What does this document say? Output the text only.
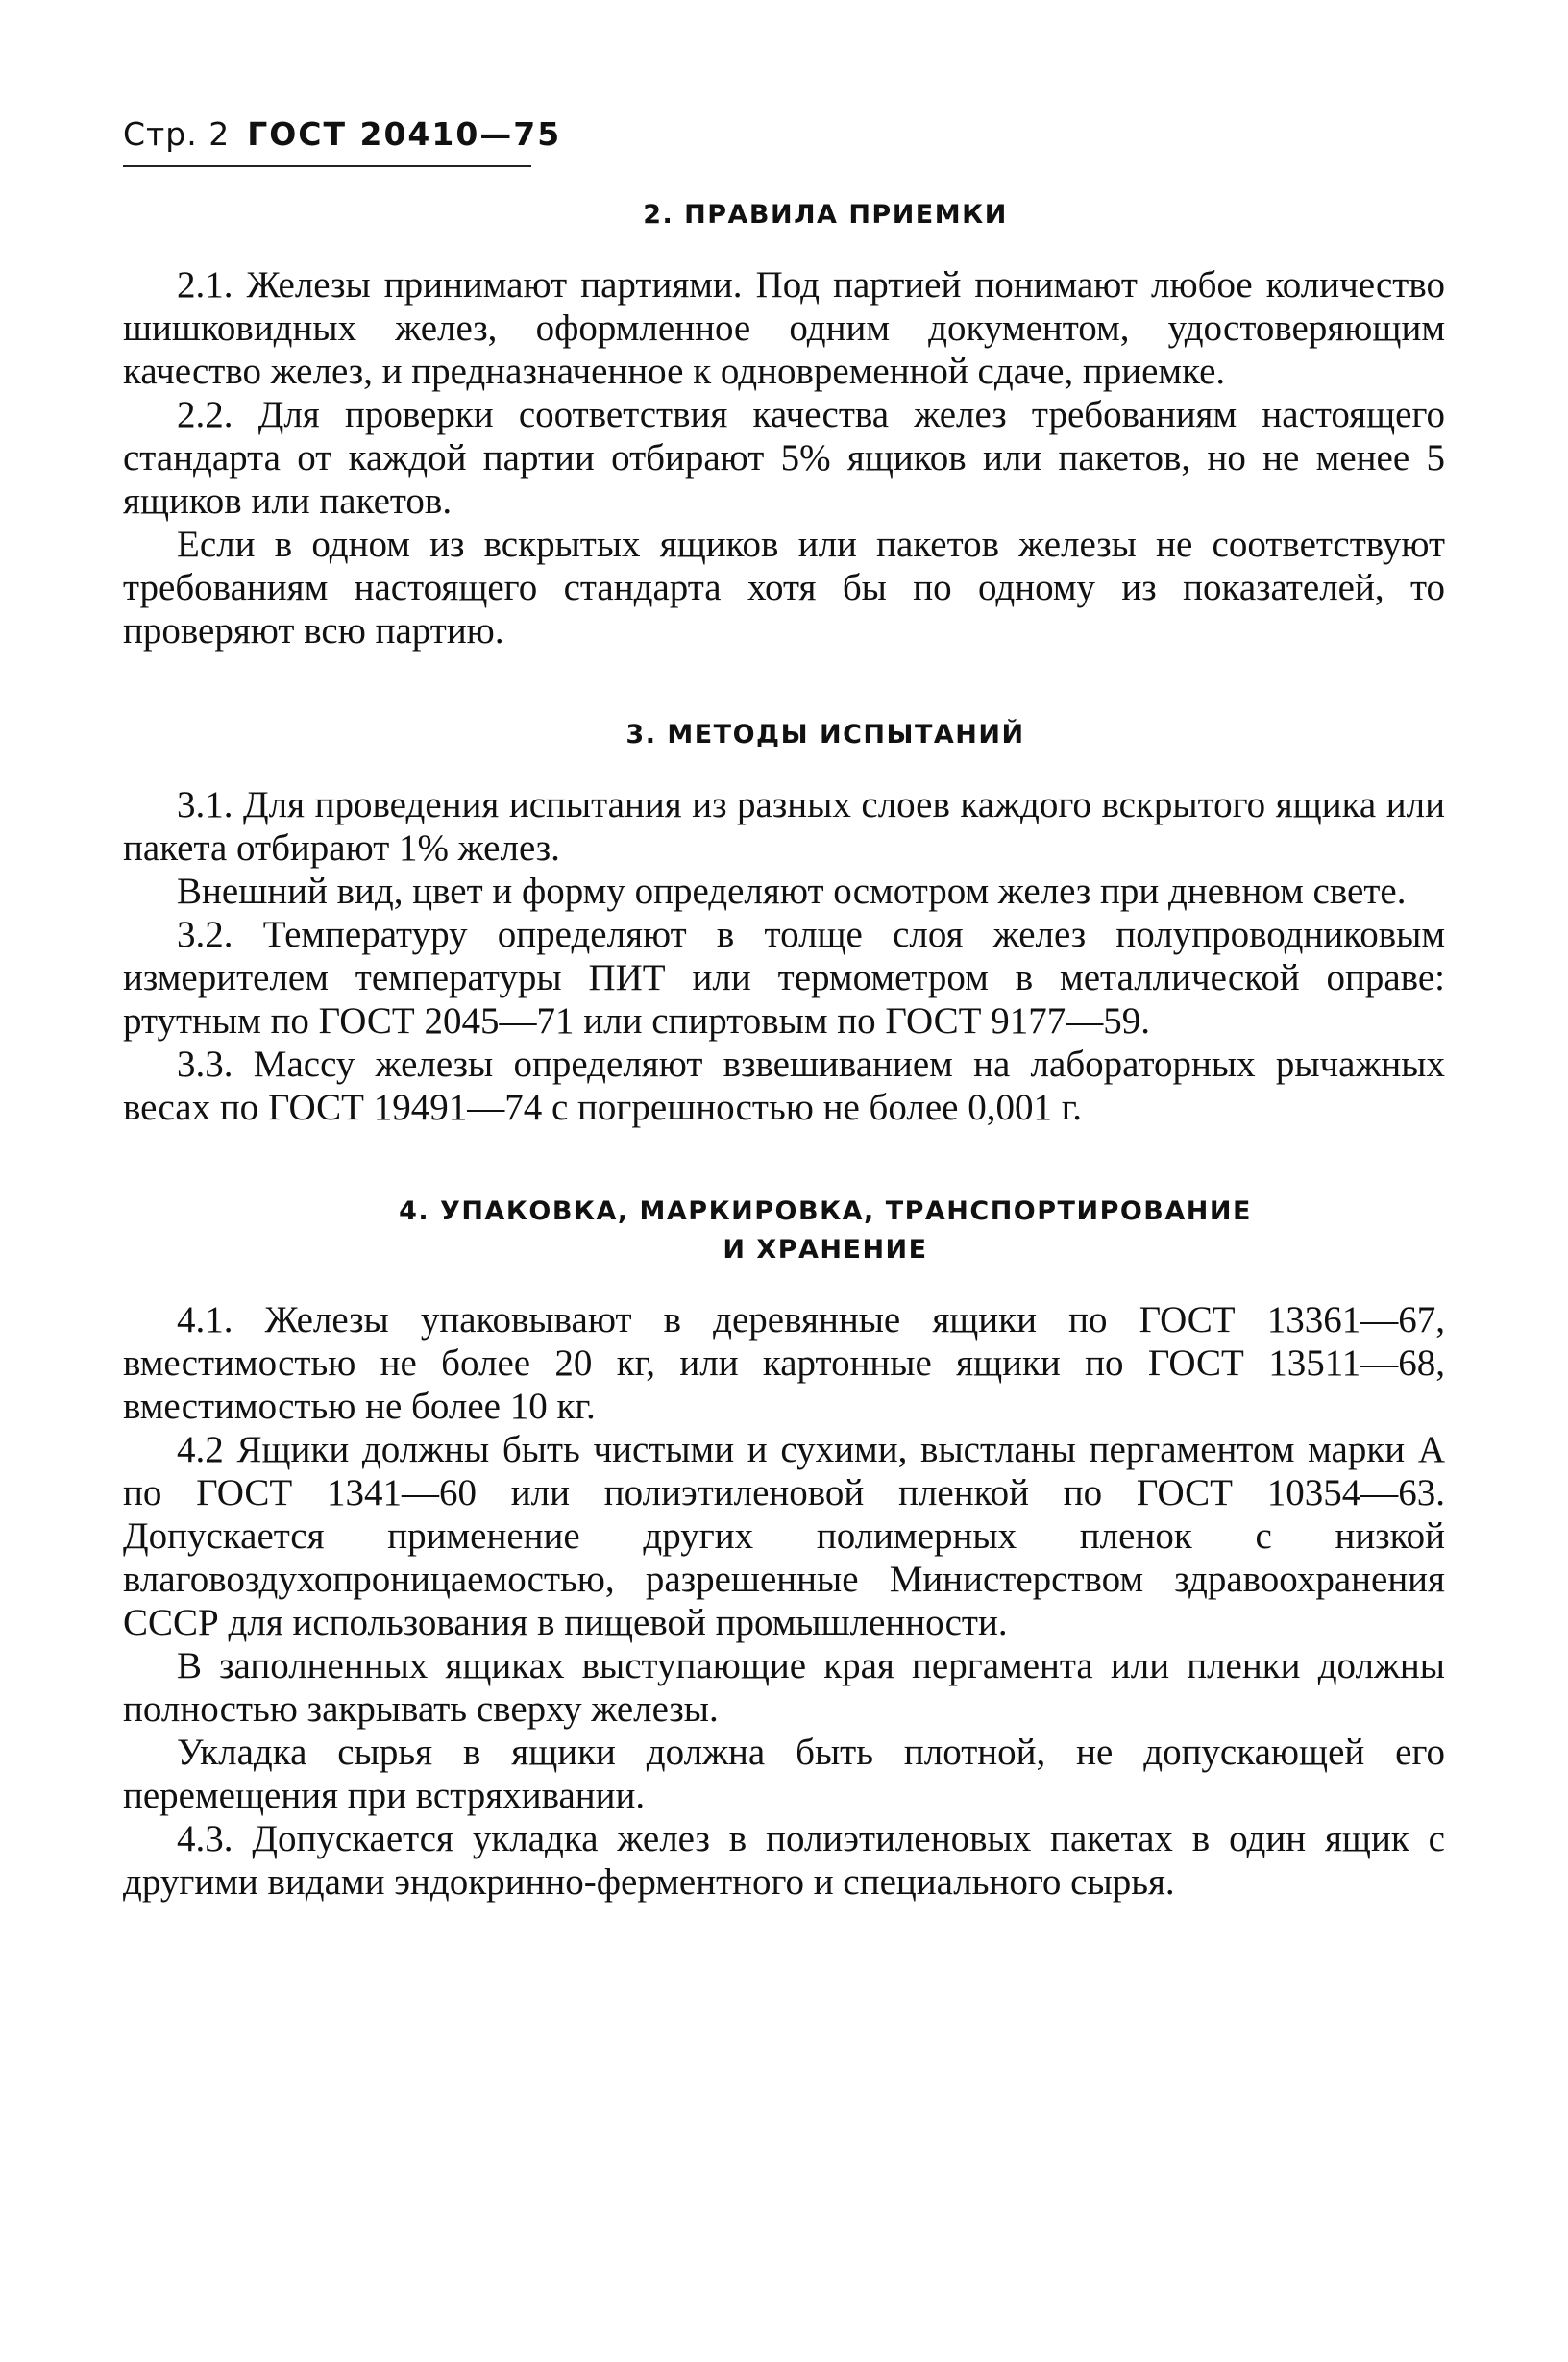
Стр. 2 ГОСТ 20410—75
2. ПРАВИЛА ПРИЕМКИ

2.1. Железы принимают партиями. Под партией понимают любое количество шишковидных желез, оформленное одним документом, удостоверяющим качество желез, и предназначенное к одновременной сдаче, приемке.

2.2. Для проверки соответствия качества желез требованиям настоящего стандарта от каждой партии отбирают 5% ящиков или пакетов, но не менее 5 ящиков или пакетов.

Если в одном из вскрытых ящиков или пакетов железы не соответствуют требованиям настоящего стандарта хотя бы по одному из показателей, то проверяют всю партию.

3. МЕТОДЫ ИСПЫТАНИЙ

3.1. Для проведения испытания из разных слоев каждого вскрытого ящика или пакета отбирают 1% желез.

Внешний вид, цвет и форму определяют осмотром желез при дневном свете.

3.2. Температуру определяют в толще слоя желез полупроводниковым измерителем температуры ПИТ или термометром в металлической оправе: ртутным по ГОСТ 2045—71 или спиртовым по ГОСТ 9177—59.

3.3. Массу железы определяют взвешиванием на лабораторных рычажных весах по ГОСТ 19491—74 с погрешностью не более 0,001 г.

4. УПАКОВКА, МАРКИРОВКА, ТРАНСПОРТИРОВАНИЕ
И ХРАНЕНИЕ

4.1. Железы упаковывают в деревянные ящики по ГОСТ 13361—67, вместимостью не более 20 кг, или картонные ящики по ГОСТ 13511—68, вместимостью не более 10 кг.

4.2 Ящики должны быть чистыми и сухими, выстланы пергаментом марки А по ГОСТ 1341—60 или полиэтиленовой пленкой по ГОСТ 10354—63. Допускается применение других полимерных пленок с низкой влаговоздухопроницаемостью, разрешенные Министерством здравоохранения СССР для использования в пищевой промышленности.

В заполненных ящиках выступающие края пергамента или пленки должны полностью закрывать сверху железы.

Укладка сырья в ящики должна быть плотной, не допускающей его перемещения при встряхивании.

4.3. Допускается укладка желез в полиэтиленовых пакетах в один ящик с другими видами эндокринно-ферментного и специального сырья.
